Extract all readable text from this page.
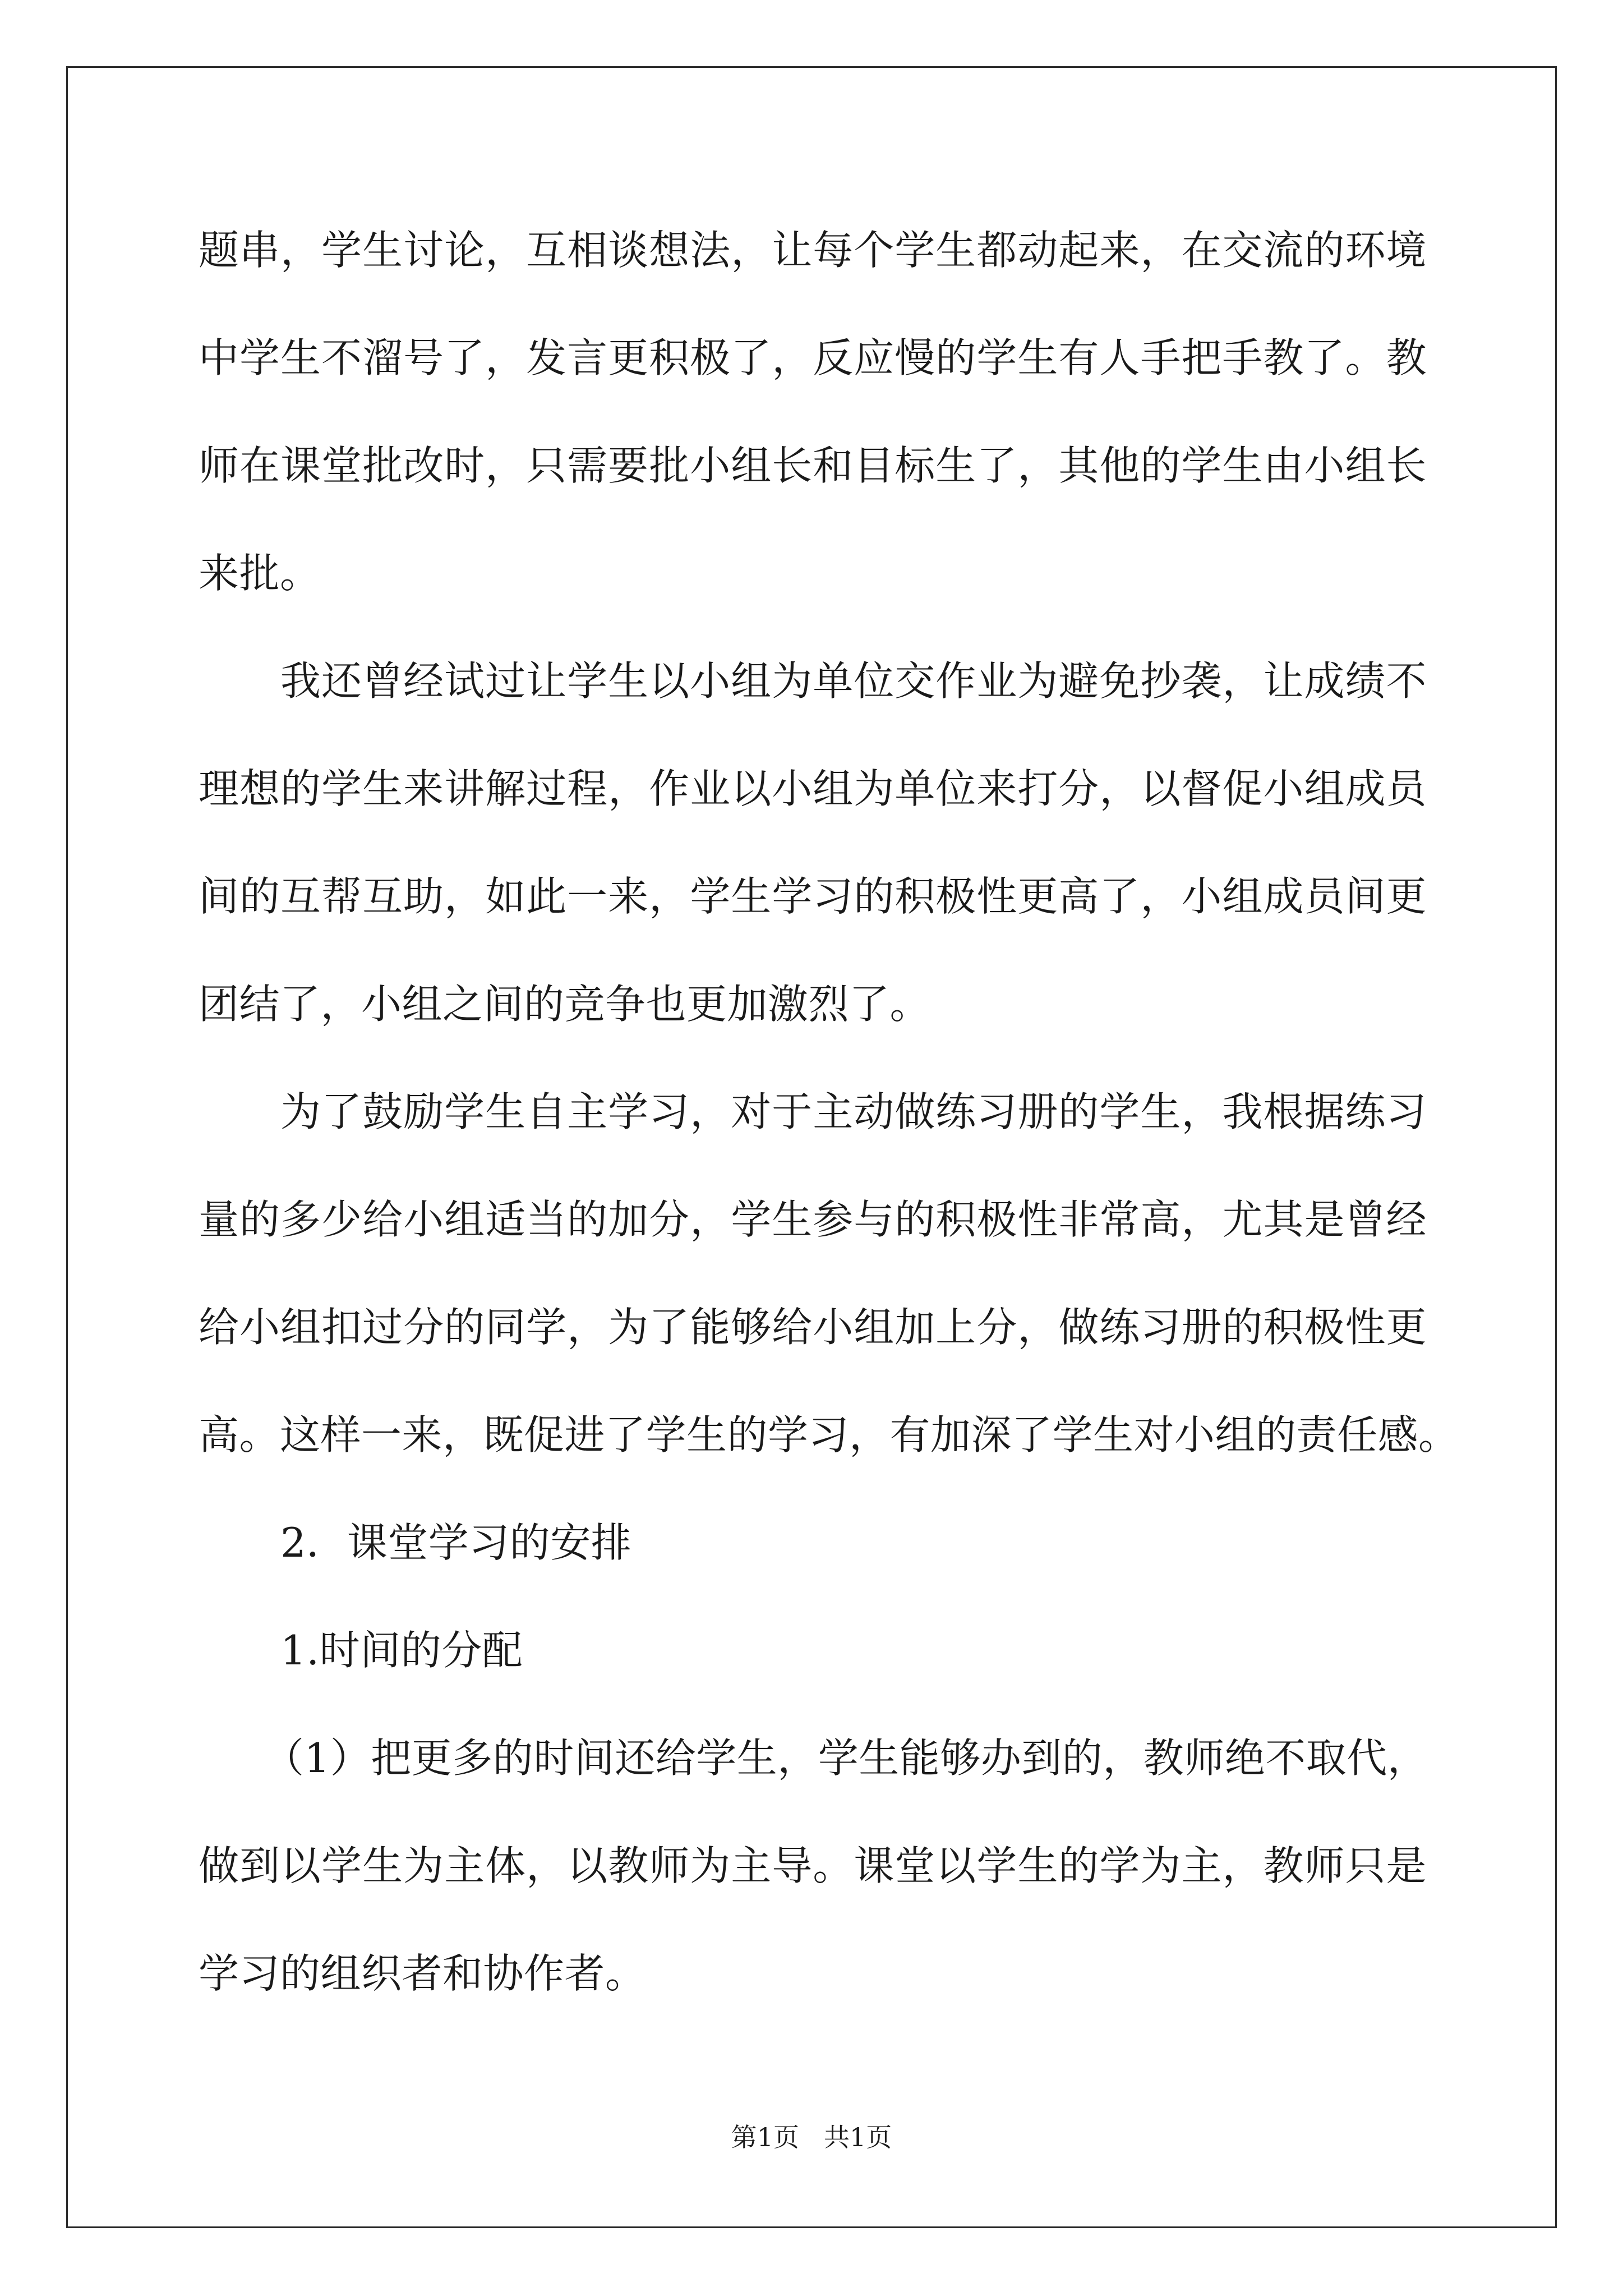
题串，学生讨论，互相谈想法，让每个学生都动起来，在交流的环境
中学生不溜号了，发言更积极了，反应慢的学生有人手把手教了。教
师在课堂批改时，只需要批小组长和目标生了，其他的学生由小组长
来批。
我还曾经试过让学生以小组为单位交作业为避免抄袭，让成绩不
理想的学生来讲解过程，作业以小组为单位来打分，以督促小组成员
间的互帮互助，如此一来，学生学习的积极性更高了，小组成员间更
团结了，小组之间的竞争也更加激烈了。
为了鼓励学生自主学习，对于主动做练习册的学生，我根据练习
量的多少给小组适当的加分，学生参与的积极性非常高，尤其是曾经
给小组扣过分的同学，为了能够给小组加上分，做练习册的积极性更
高。这样一来，既促进了学生的学习，有加深了学生对小组的责任感。
2．课堂学习的安排
1.时间的分配
（1）把更多的时间还给学生，学生能够办到的，教师绝不取代，
做到以学生为主体，以教师为主导。课堂以学生的学为主，教师只是
学习的组织者和协作者。
第1页 共1页
